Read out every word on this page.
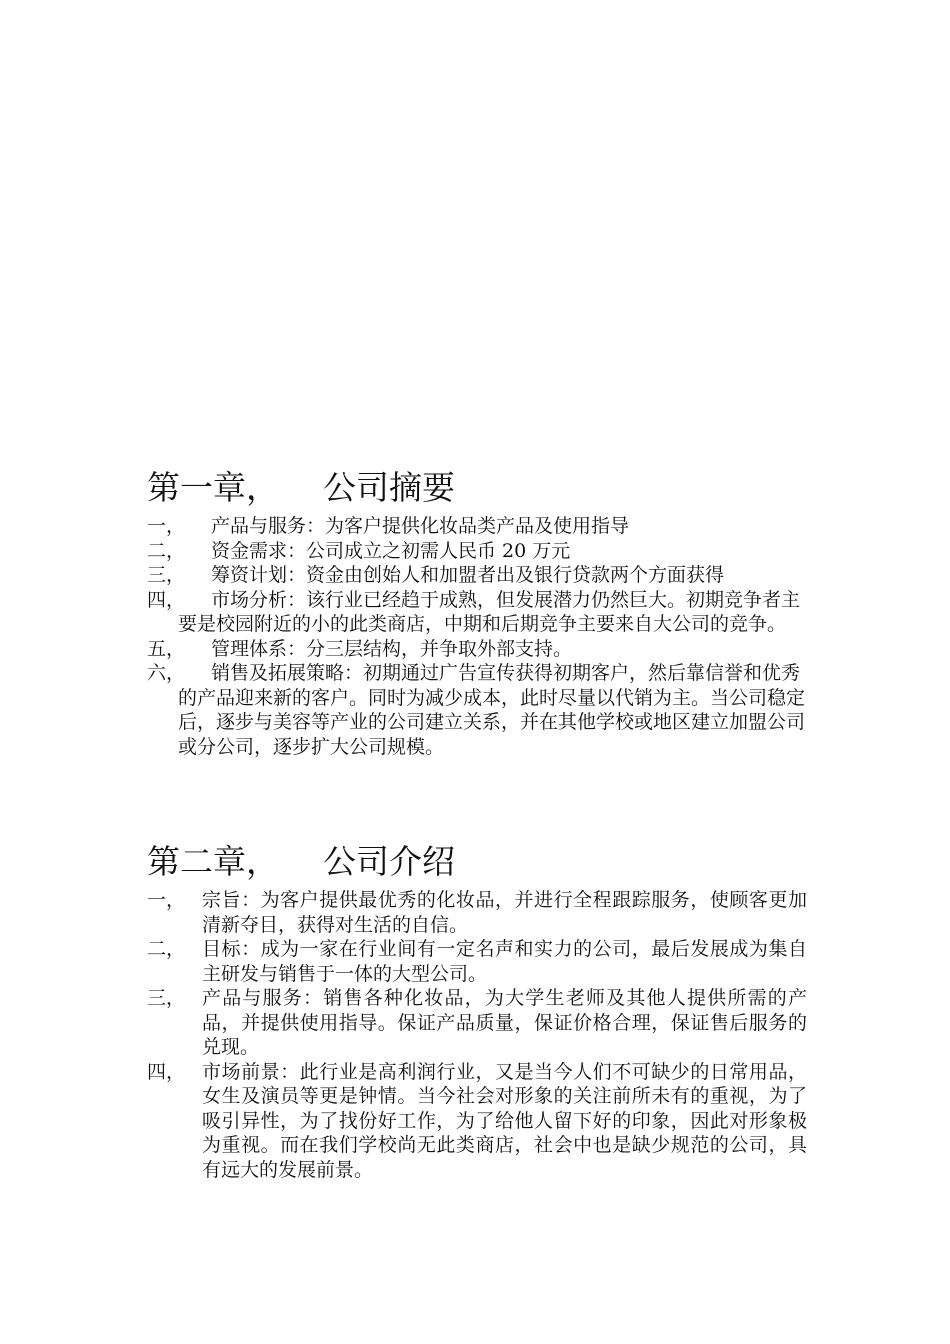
第一章， 公司摘要
一， 产品与服务：为客户提供化妆品类产品及使用指导
二， 资金需求：公司成立之初需人民币 20 万元
三， 筹资计划：资金由创始人和加盟者出及银行贷款两个方面获得
四， 市场分析：该行业已经趋于成熟，但发展潜力仍然巨大。初期竞争者主要是校园附近的小的此类商店，中期和后期竞争主要来自大公司的竞争。
五， 管理体系：分三层结构，并争取外部支持。
六， 销售及拓展策略：初期通过广告宣传获得初期客户，然后靠信誉和优秀的产品迎来新的客户。同时为减少成本，此时尽量以代销为主。当公司稳定后，逐步与美容等产业的公司建立关系，并在其他学校或地区建立加盟公司或分公司，逐步扩大公司规模。
第二章， 公司介绍
一， 宗旨：为客户提供最优秀的化妆品，并进行全程跟踪服务，使顾客更加清新夺目，获得对生活的自信。
二， 目标：成为一家在行业间有一定名声和实力的公司，最后发展成为集自主研发与销售于一体的大型公司。
三， 产品与服务：销售各种化妆品，为大学生老师及其他人提供所需的产品，并提供使用指导。保证产品质量，保证价格合理，保证售后服务的兑现。
四， 市场前景：此行业是高利润行业，又是当今人们不可缺少的日常用品，女生及演员等更是钟情。当今社会对形象的关注前所未有的重视，为了吸引异性，为了找份好工作，为了给他人留下好的印象，因此对形象极为重视。而在我们学校尚无此类商店，社会中也是缺少规范的公司，具有远大的发展前景。
